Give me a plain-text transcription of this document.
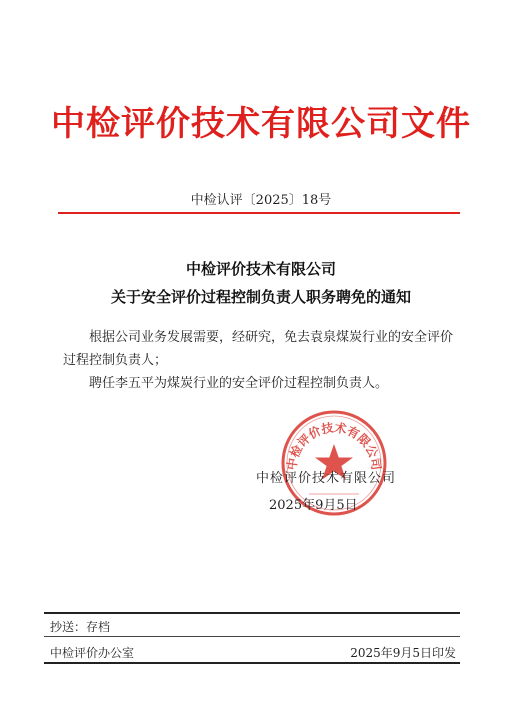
中检评价技术有限公司文件
中检认评〔2025〕18号
中检评价技术有限公司
关于安全评价过程控制负责人职务聘免的通知

根据公司业务发展需要，经研究，免去袁泉煤炭行业的安全评价过程控制负责人；

聘任李五平为煤炭行业的安全评价过程控制负责人。

中检评价技术有限公司
中检评价技术有限公司
2025年9月5日
抄送：存档
中检评价办公室	2025年9月5日印发
